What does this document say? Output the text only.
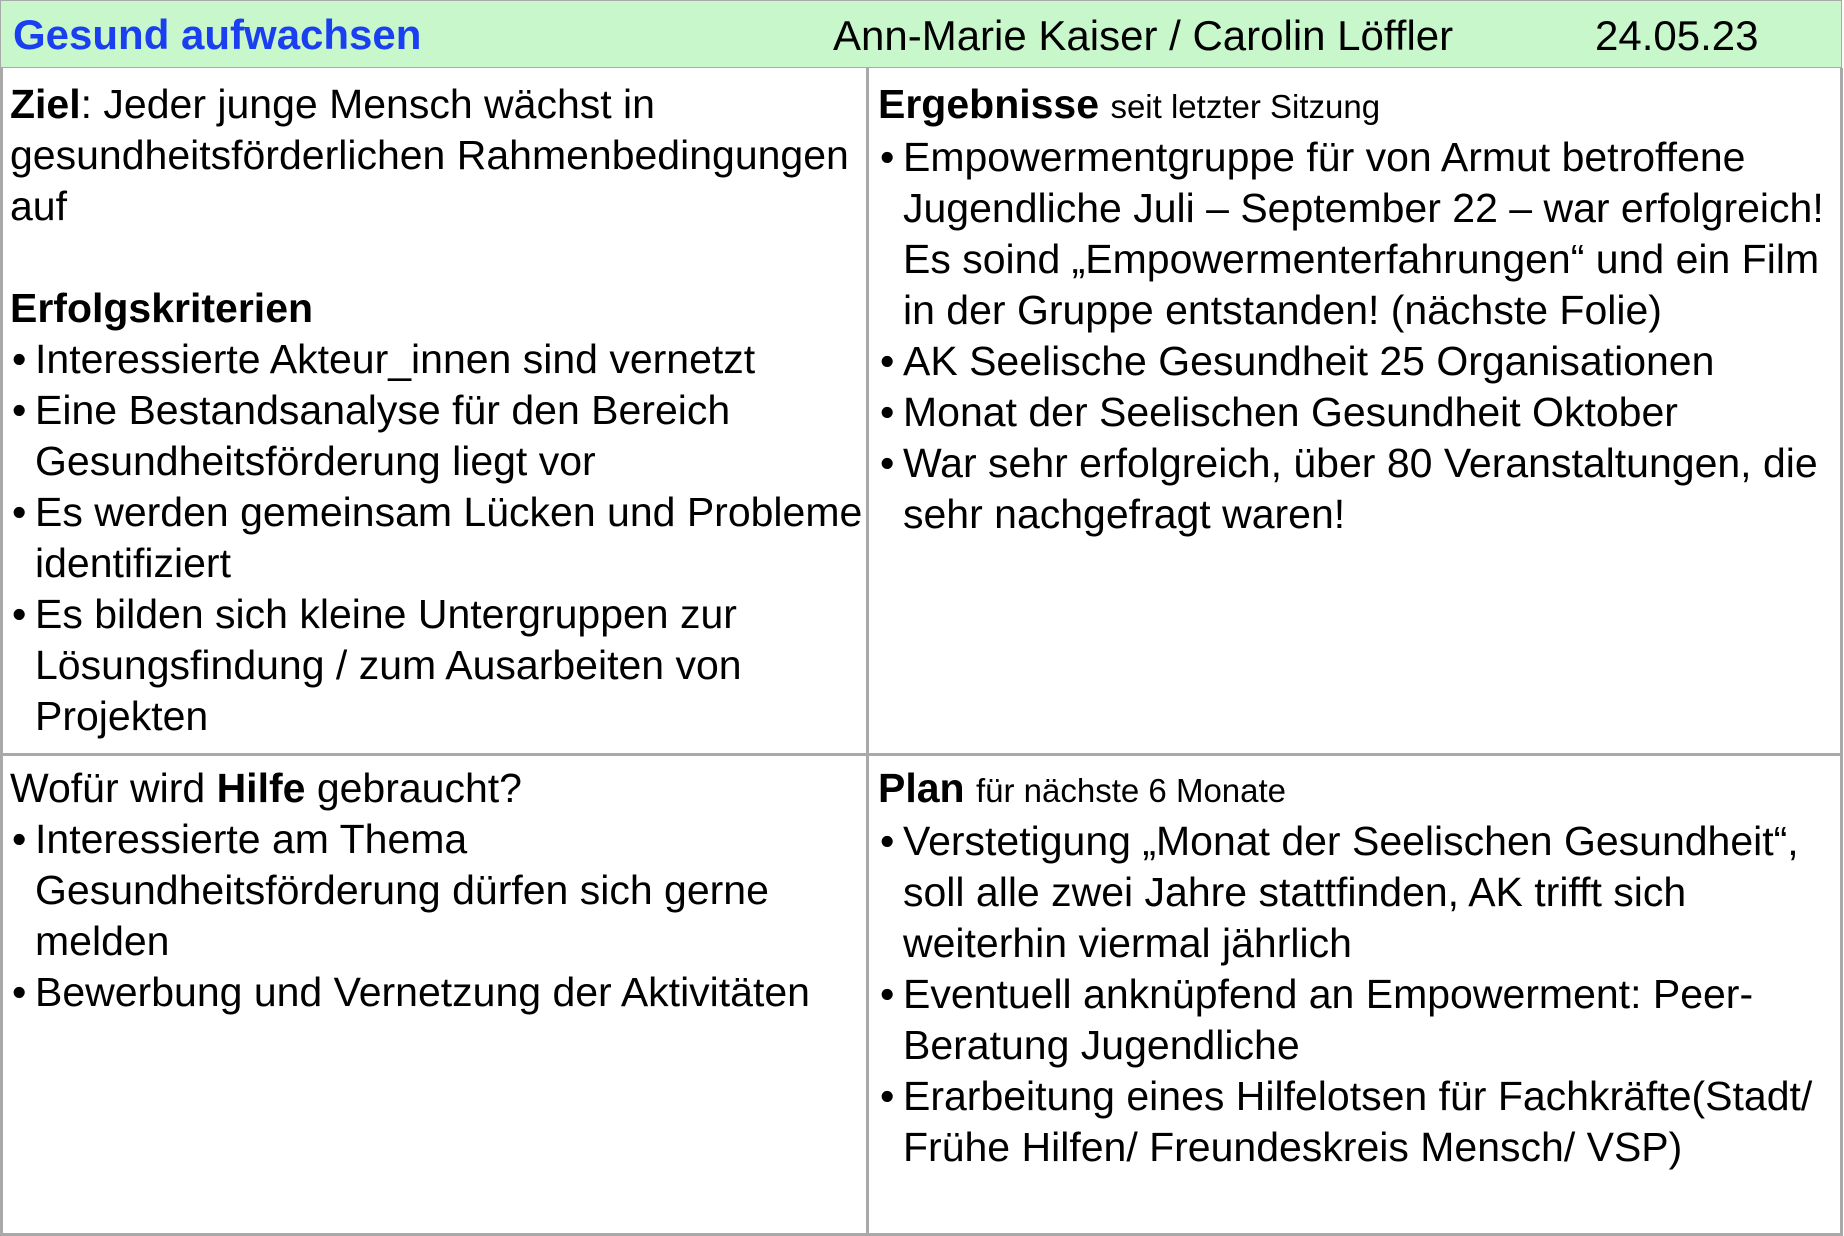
Gesund aufwachsen	Ann-Marie Kaiser / Carolin Löffler	24.05.23
Ziel: Jeder junge Mensch wächst in gesundheitsförderlichen Rahmenbedingungen auf
Erfolgskriterien
• Interessierte Akteur_innen sind vernetzt
• Eine Bestandsanalyse für den Bereich Gesundheitsförderung liegt vor
• Es werden gemeinsam Lücken und Probleme identifiziert
• Es bilden sich kleine Untergruppen zur Lösungsfindung / zum Ausarbeiten von Projekten
Ergebnisse seit letzter Sitzung
• Empowermentgruppe für von Armut betroffene Jugendliche Juli – September 22 – war erfolgreich! Es soind „Empowermenterfahrungen“ und ein Film in der Gruppe entstanden! (nächste Folie)
• AK Seelische Gesundheit 25 Organisationen
• Monat der Seelischen Gesundheit Oktober
• War sehr erfolgreich, über 80 Veranstaltungen, die sehr nachgefragt waren!
Wofür wird Hilfe gebraucht?
• Interessierte am Thema Gesundheitsförderung dürfen sich gerne melden
• Bewerbung und Vernetzung der Aktivitäten
Plan für nächste 6 Monate
• Verstetigung „Monat der Seelischen Gesundheit“, soll alle zwei Jahre stattfinden, AK trifft sich weiterhin viermal jährlich
• Eventuell anknüpfend an Empowerment: Peer-Beratung Jugendliche
• Erarbeitung eines Hilfelotsen für Fachkräfte(Stadt/ Frühe Hilfen/ Freundeskreis Mensch/ VSP)
